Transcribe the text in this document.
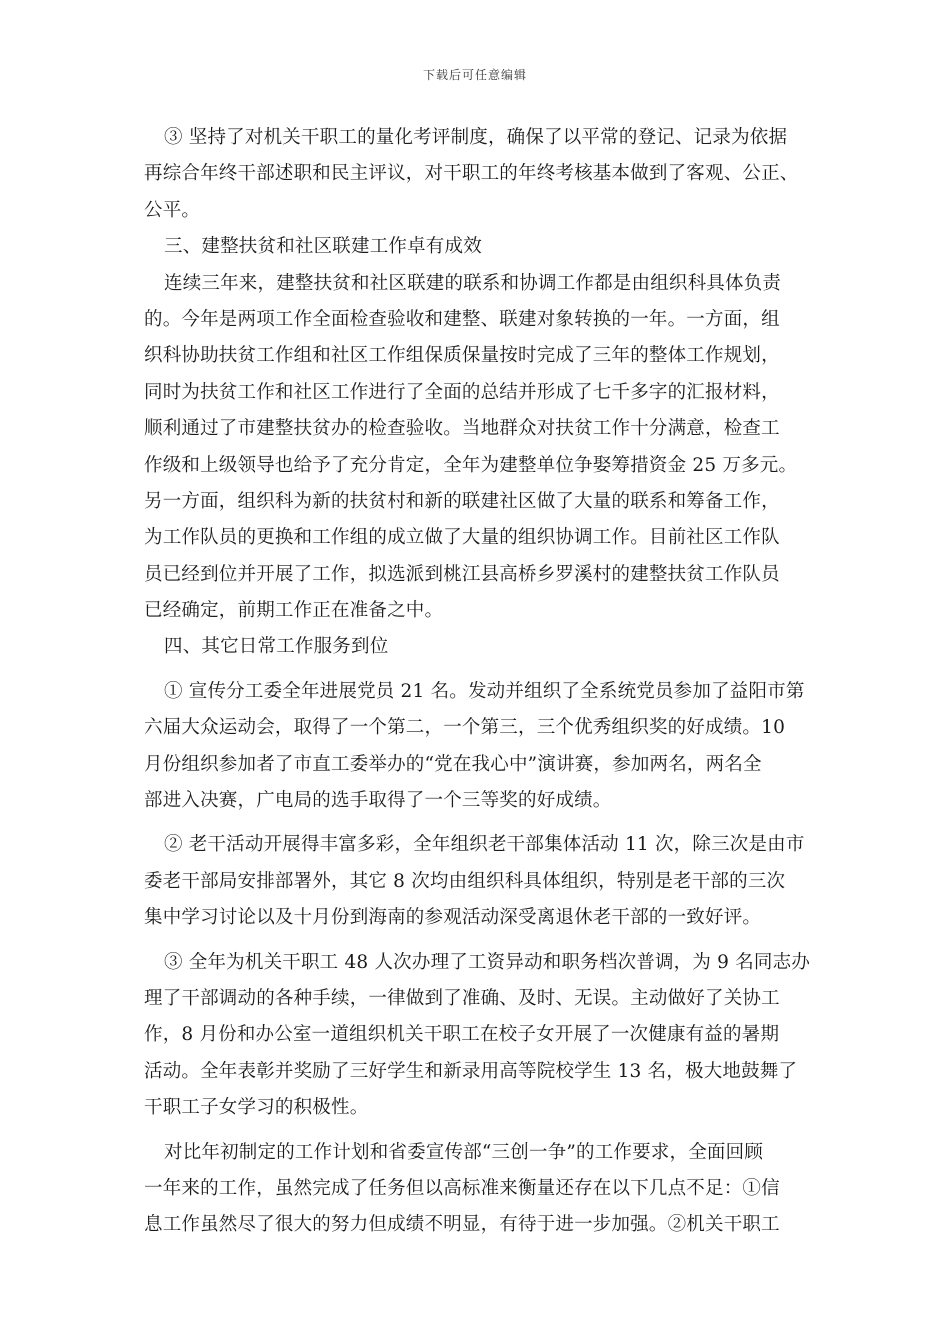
下载后可任意编辑
③ 坚持了对机关干职工的量化考评制度，确保了以平常的登记、记录为依据
再综合年终干部述职和民主评议，对干职工的年终考核基本做到了客观、公正、
公平。
三、建整扶贫和社区联建工作卓有成效
连续三年来，建整扶贫和社区联建的联系和协调工作都是由组织科具体负责
的。今年是两项工作全面检查验收和建整、联建对象转换的一年。一方面，组
织科协助扶贫工作组和社区工作组保质保量按时完成了三年的整体工作规划，
同时为扶贫工作和社区工作进行了全面的总结并形成了七千多字的汇报材料，
顺利通过了市建整扶贫办的检查验收。当地群众对扶贫工作十分满意，检查工
作级和上级领导也给予了充分肯定，全年为建整单位争娶筹措资金 25 万多元。
另一方面，组织科为新的扶贫村和新的联建社区做了大量的联系和筹备工作，
为工作队员的更换和工作组的成立做了大量的组织协调工作。目前社区工作队
员已经到位并开展了工作，拟选派到桃江县高桥乡罗溪村的建整扶贫工作队员
已经确定，前期工作正在准备之中。
四、其它日常工作服务到位
① 宣传分工委全年进展党员 21 名。发动并组织了全系统党员参加了益阳市第
六届大众运动会，取得了一个第二，一个第三，三个优秀组织奖的好成绩。10
月份组织参加者了市直工委举办的“党在我心中”演讲赛，参加两名，两名全
部进入决赛，广电局的选手取得了一个三等奖的好成绩。
② 老干活动开展得丰富多彩，全年组织老干部集体活动 11 次，除三次是由市
委老干部局安排部署外，其它 8 次均由组织科具体组织，特别是老干部的三次
集中学习讨论以及十月份到海南的参观活动深受离退休老干部的一致好评。
③ 全年为机关干职工 48 人次办理了工资异动和职务档次普调，为 9 名同志办
理了干部调动的各种手续，一律做到了准确、及时、无误。主动做好了关协工
作，8 月份和办公室一道组织机关干职工在校子女开展了一次健康有益的暑期
活动。全年表彰并奖励了三好学生和新录用高等院校学生 13 名，极大地鼓舞了
干职工子女学习的积极性。
对比年初制定的工作计划和省委宣传部“三创一争”的工作要求，全面回顾
一年来的工作，虽然完成了任务但以高标准来衡量还存在以下几点不足：①信
息工作虽然尽了很大的努力但成绩不明显，有待于进一步加强。②机关干职工
